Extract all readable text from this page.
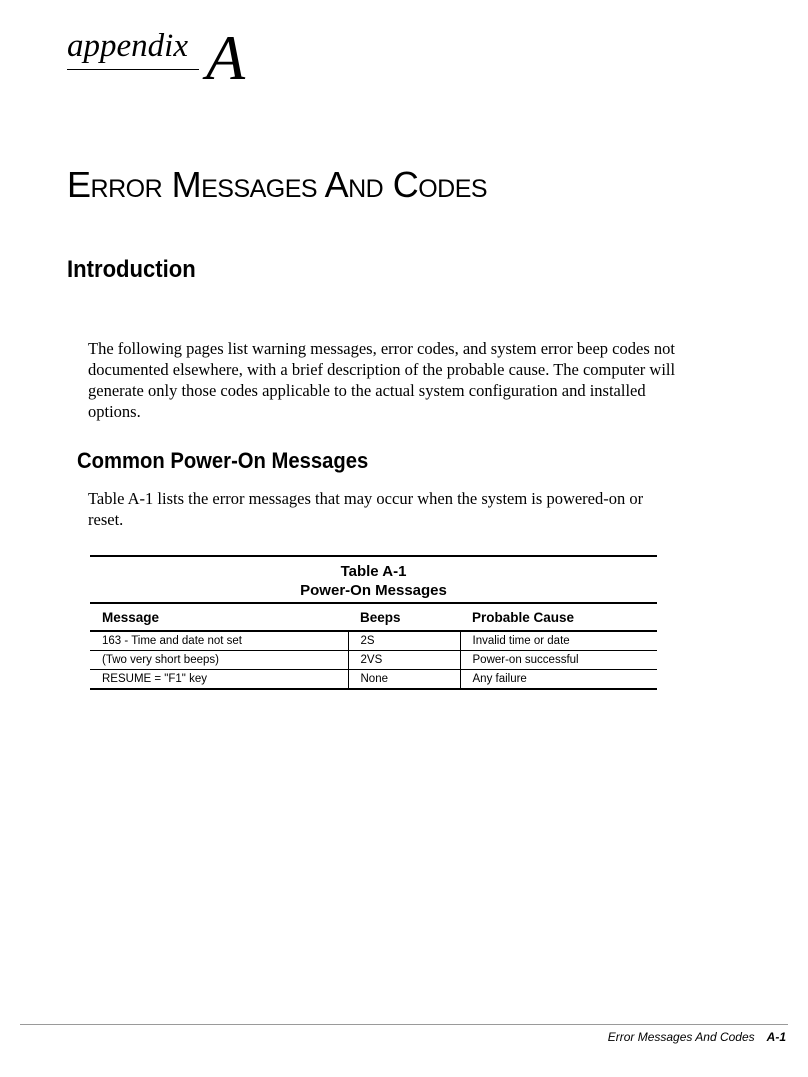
appendix A
Error Messages And Codes
Introduction

The following pages list warning messages, error codes, and system error beep codes not documented elsewhere, with a brief description of the probable cause. The computer will generate only those codes applicable to the actual system configuration and installed options.

Common Power-On Messages

Table A-1 lists the error messages that may occur when the system is powered-on or reset.

Table A-1
Power-On Messages
Message	Beeps	Probable Cause
163 - Time and date not set	2S	Invalid time or date
(Two very short beeps)	2VS	Power-on successful
RESUME = "F1" key	None	Any failure
Error Messages And Codes A-1
